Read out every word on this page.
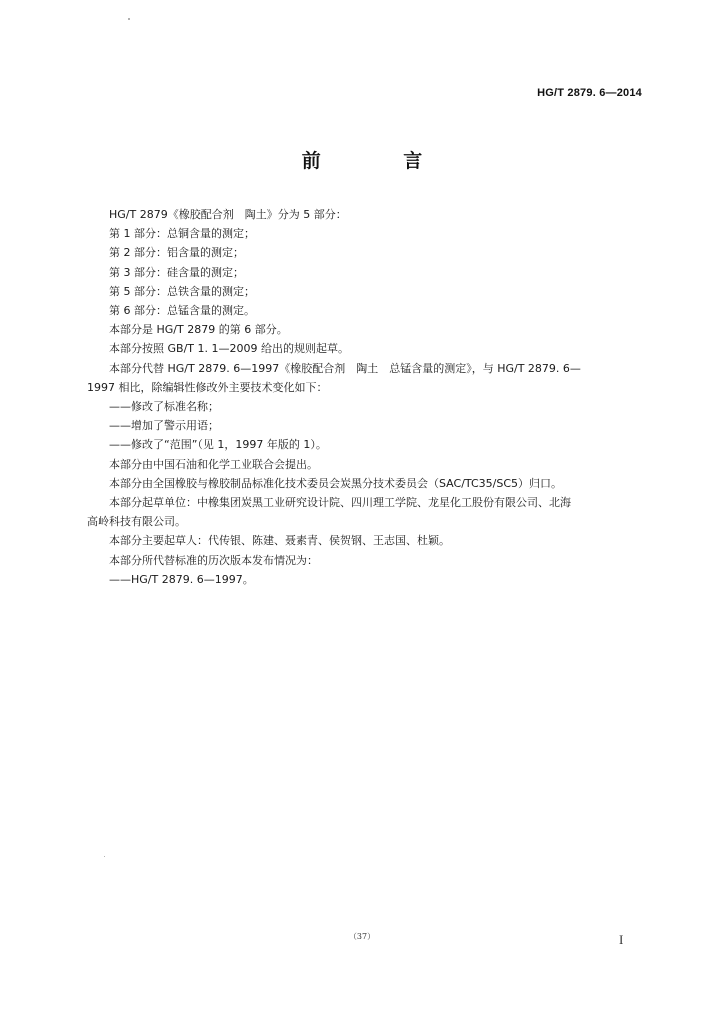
HG/T 2879. 6—2014
前 言

HG/T 2879《橡胶配合剂　陶土》分为 5 部分：

第 1 部分：总铜含量的测定；

第 2 部分：铝含量的测定；

第 3 部分：硅含量的测定；

第 5 部分：总铁含量的测定；

第 6 部分：总锰含量的测定。

本部分是 HG/T 2879 的第 6 部分。

本部分按照 GB/T 1. 1—2009 给出的规则起草。

本部分代替 HG/T 2879. 6—1997《橡胶配合剂　陶土　总锰含量的测定》，与 HG/T 2879. 6—

1997 相比，除编辑性修改外主要技术变化如下：

——修改了标准名称；

——增加了警示用语；

——修改了“范围”（见 1，1997 年版的 1）。

本部分由中国石油和化学工业联合会提出。

本部分由全国橡胶与橡胶制品标准化技术委员会炭黑分技术委员会（SAC/TC35/SC5）归口。

本部分起草单位：中橡集团炭黑工业研究设计院、四川理工学院、龙星化工股份有限公司、北海

高岭科技有限公司。

本部分主要起草人：代传银、陈建、聂素青、侯贺钢、王志国、杜颖。

本部分所代替标准的历次版本发布情况为：

——HG/T 2879. 6—1997。

（37）	I
